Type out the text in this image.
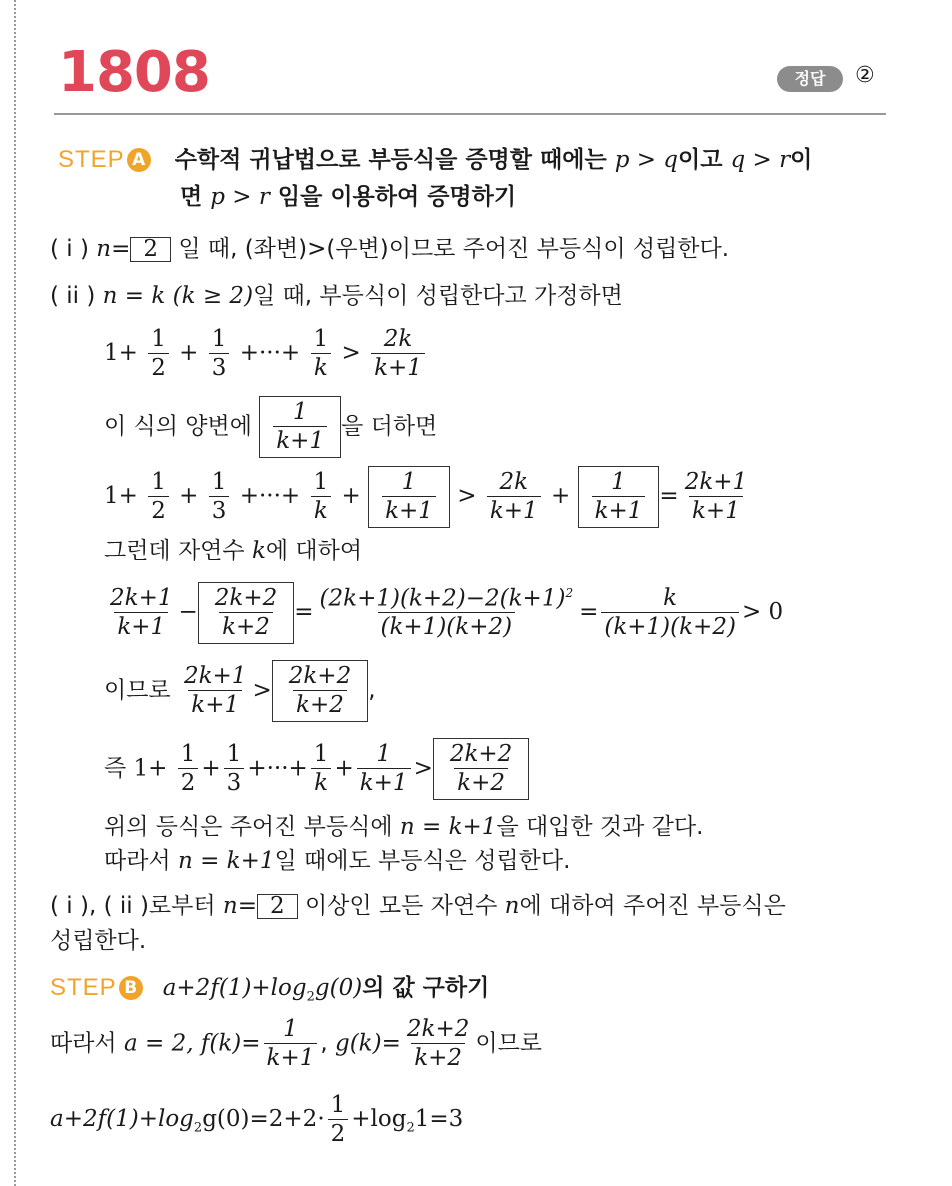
1808	정답	②
STEP A 수학적 귀납법으로 부등식을 증명할 때에는 p > q이고 q > r이
면 p > r 임을 이용하여 증명하기
( i ) n= 2 일 때, (좌변)>(우변)이므로 주어진 부등식이 성립한다.
( ii ) n = k (k ≥ 2)일 때, 부등식이 성립한다고 가정하면
$1+ \frac{1}{2} + \frac{1}{3}$ +···+ $\frac{1}{k} > \frac{2k}{k+1}$
이 식의 양변에 $\frac{1}{k+1}$ 을 더하면
$1+ \frac{1}{2} + \frac{1}{3}$ +···+ $\frac{1}{k} + \frac{1}{k+1} > \frac{2k}{k+1} + \frac{1}{k+1} = \frac{2k+1}{k+1}$
그런데 자연수 k에 대하여
$\frac{2k+1}{k+1} - \frac{2k+2}{k+2} = \frac{(2k+1)(k+2)-2(k+1)^2}{(k+1)(k+2)} = \frac{k}{(k+1)(k+2)} > 0$
이므로 $\frac{2k+1}{k+1} > \frac{2k+2}{k+2}$ ,
즉 $1+ \frac{1}{2} + \frac{1}{3}$ +···+ $\frac{1}{k} + \frac{1}{k+1} > \frac{2k+2}{k+2}$
위의 등식은 주어진 부등식에 n = k+1을 대입한 것과 같다.
따라서 n = k+1일 때에도 부등식은 성립한다.
( i ), ( ii )로부터 n= 2 이상인 모든 자연수 n에 대하여 주어진 부등식은
성립한다.
STEP B $a+2f(1)+\log_2g(0)$의 값 구하기
따라서 a = 2, $f(k)= \frac{1}{k+1}$ , $g(k)= \frac{2k+2}{k+2}$ 이므로
$a+2f(1)+\log_2g(0)=2+2\cdot \frac{1}{2} +\log_21=3$
